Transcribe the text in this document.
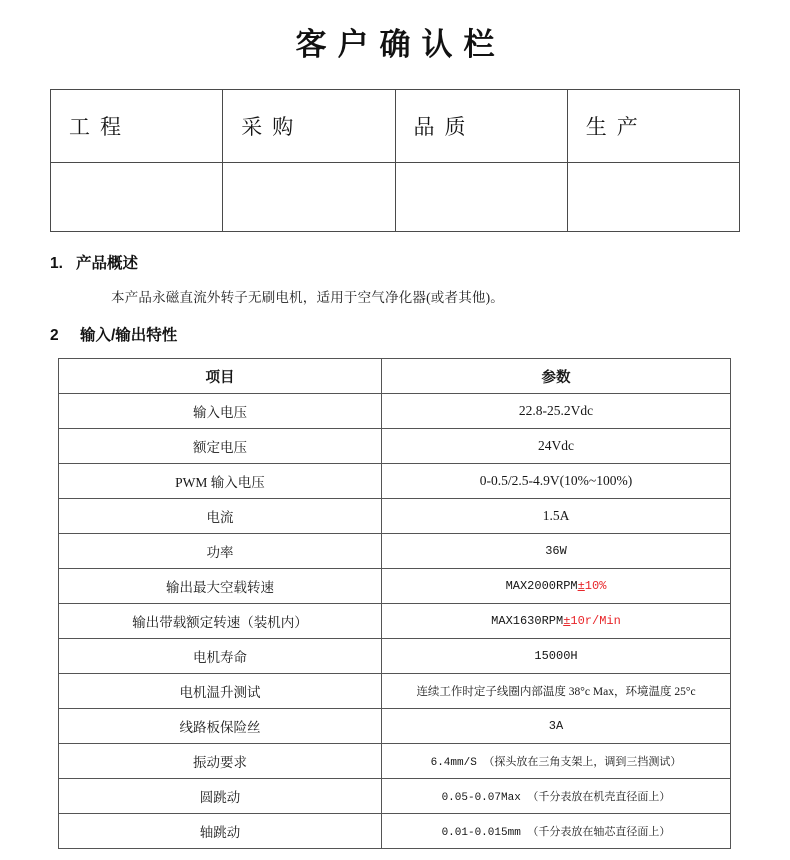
客户确认栏
工程	采购	品质	生产

1. 产品概述
本产品永磁直流外转子无刷电机，适用于空气净化器(或者其他)。
2	输入/输出特性
项目	参数
输入电压	22.8-25.2Vdc
额定电压	24Vdc
PWM 输入电压	0-0.5/2.5-4.9V(10%~100%)
电流	1.5A
功率	36W
输出最大空载转速	MAX2000RPM±10%
输出带载额定转速（装机内）	MAX1630RPM±10r/Min
电机寿命	15000H
电机温升测试	连续工作时定子线圈内部温度 38°c Max，环境温度 25°c
线路板保险丝	3A
振动要求	6.4mm/S （探头放在三角支架上，调到三挡测试）
圆跳动	0.05-0.07Max （千分表放在机壳直径面上）
轴跳动	0.01-0.015mm （千分表放在轴芯直径面上）
